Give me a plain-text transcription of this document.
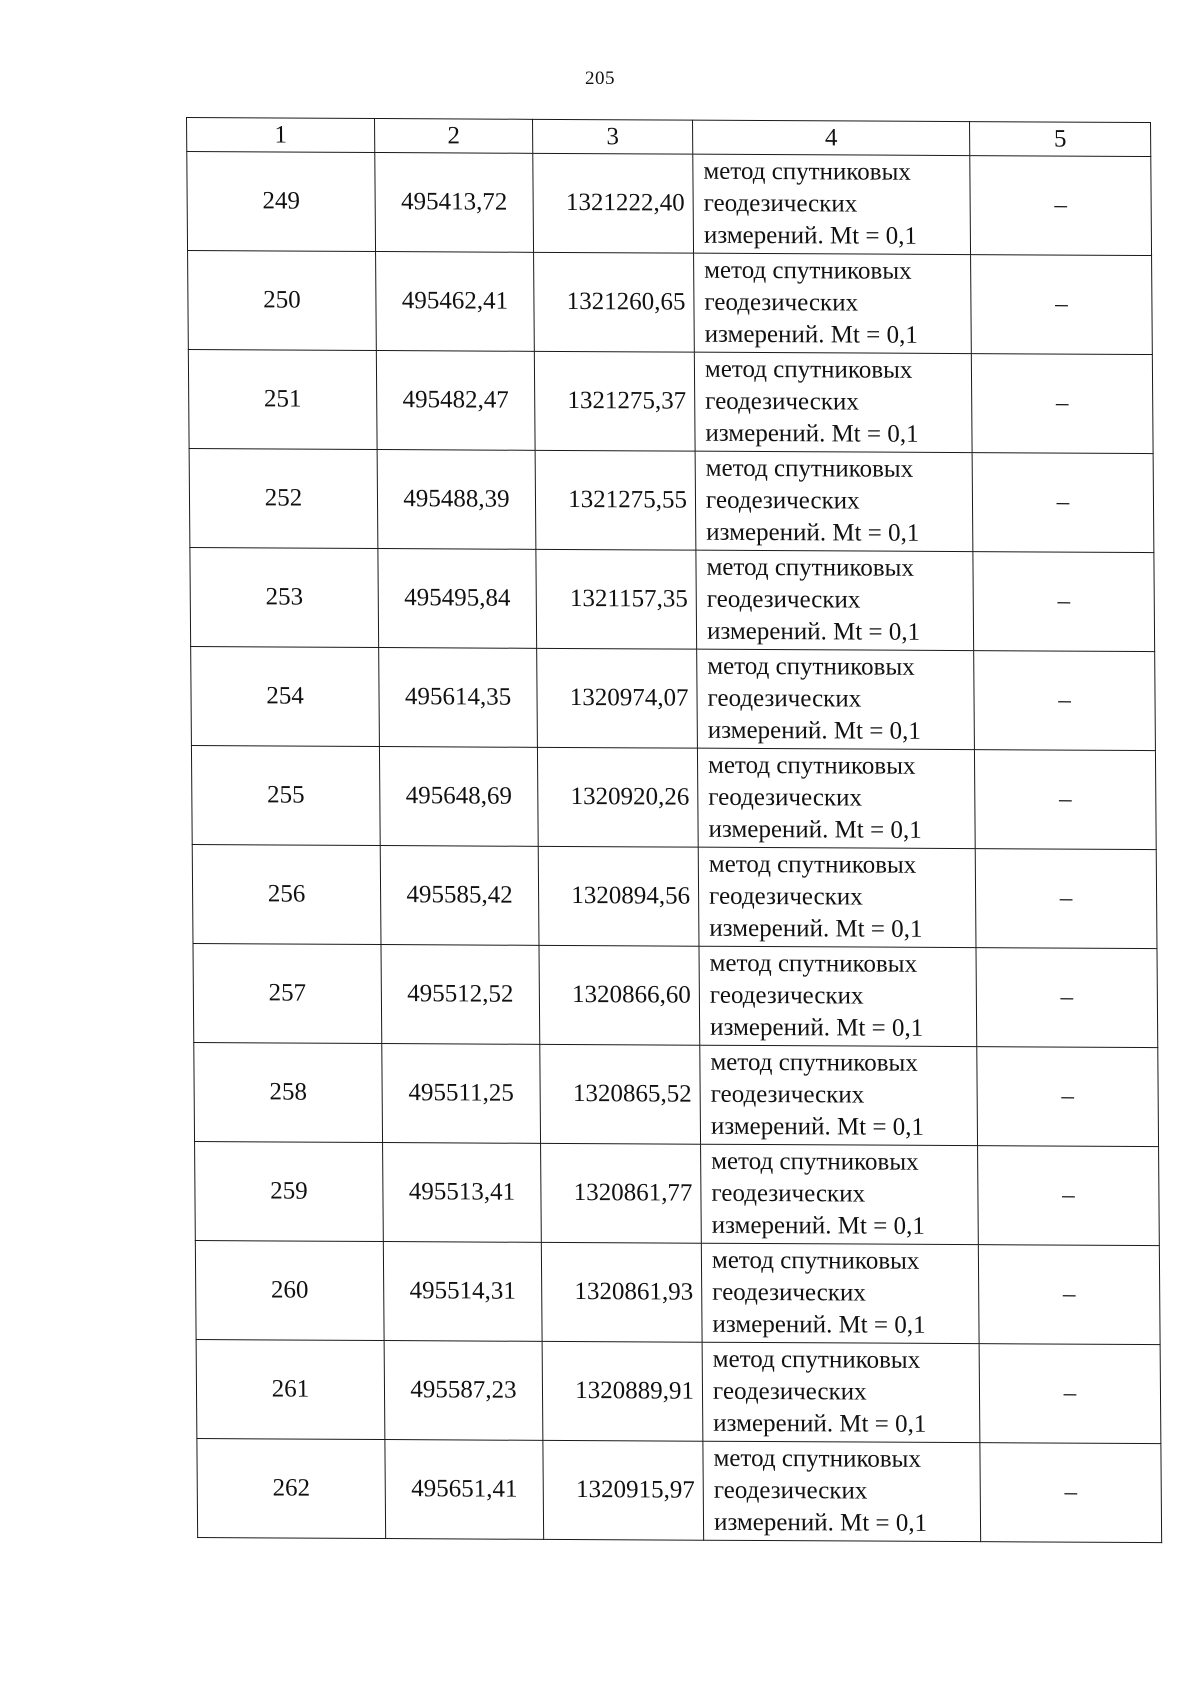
205
1	2	3	4	5
249	495413,72	1321222,40	метод спутниковых
геодезических
измерений. Mt = 0,1	–
250	495462,41	1321260,65	метод спутниковых
геодезических
измерений. Mt = 0,1	–
251	495482,47	1321275,37	метод спутниковых
геодезических
измерений. Mt = 0,1	–
252	495488,39	1321275,55	метод спутниковых
геодезических
измерений. Mt = 0,1	–
253	495495,84	1321157,35	метод спутниковых
геодезических
измерений. Mt = 0,1	–
254	495614,35	1320974,07	метод спутниковых
геодезических
измерений. Mt = 0,1	–
255	495648,69	1320920,26	метод спутниковых
геодезических
измерений. Mt = 0,1	–
256	495585,42	1320894,56	метод спутниковых
геодезических
измерений. Mt = 0,1	–
257	495512,52	1320866,60	метод спутниковых
геодезических
измерений. Mt = 0,1	–
258	495511,25	1320865,52	метод спутниковых
геодезических
измерений. Mt = 0,1	–
259	495513,41	1320861,77	метод спутниковых
геодезических
измерений. Mt = 0,1	–
260	495514,31	1320861,93	метод спутниковых
геодезических
измерений. Mt = 0,1	–
261	495587,23	1320889,91	метод спутниковых
геодезических
измерений. Mt = 0,1	–
262	495651,41	1320915,97	метод спутниковых
геодезических
измерений. Mt = 0,1	–
